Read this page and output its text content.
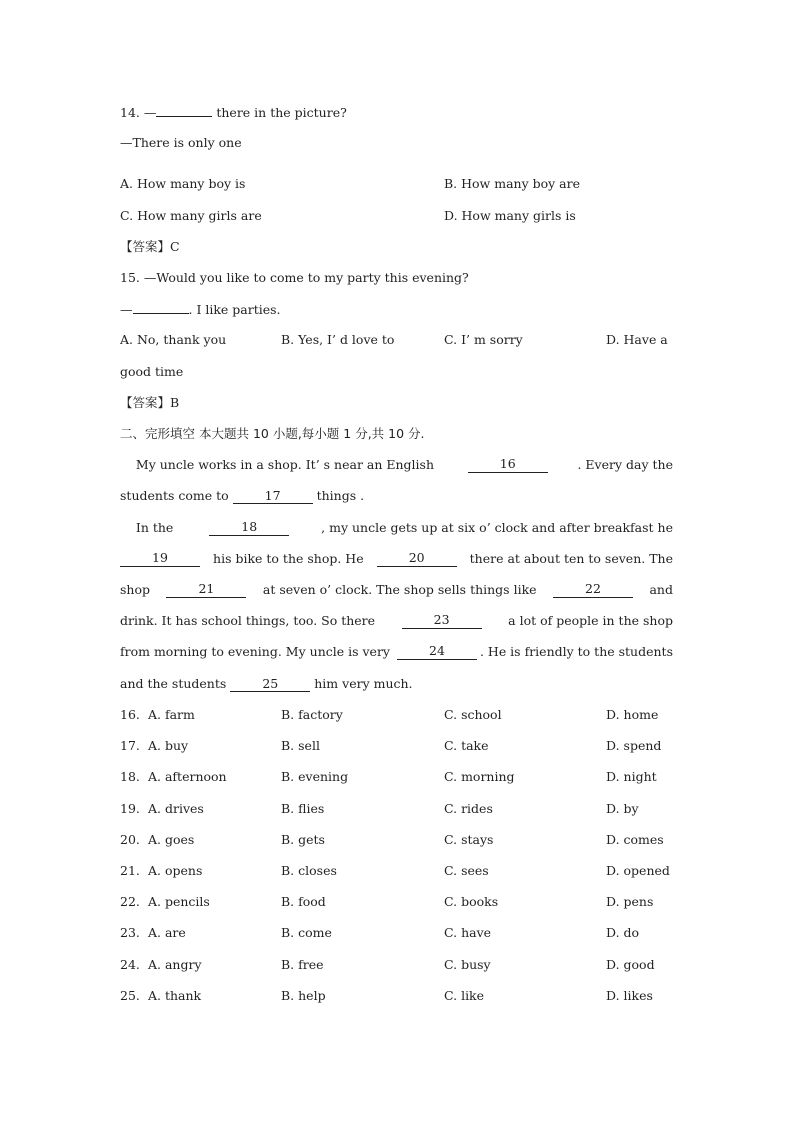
14. —	there in the picture?
—There is only one
A. How many boy is	B. How many boy are
C. How many girls are	D. How many girls is
【答案】C
15. —Would you like to come to my party this evening?
—	. I like parties.
A. No, thank you	B. Yes, I’ d love to	C. I’ m sorry	D. Have a
good time
【答案】B
二、完形填空 本大题共 10 小题,每小题 1 分,共 10 分.
My uncle works in a shop. It’ s near an English	16	. Every day the
students come to	17	things .
In the	18	, my uncle gets up at six o’ clock and after breakfast he
19	his bike to the shop. He	20	there at about ten to seven. The
shop	21	at seven o’ clock. The shop sells things like	22	and
drink. It has school things, too. So there	23	a lot of people in the shop
from morning to evening. My uncle is very	24	. He is friendly to the students
and the students	25	him very much.
16. A. farm	B. factory	C. school	D. home
17. A. buy	B. sell	C. take	D. spend
18. A. afternoon	B. evening	C. morning	D. night
19. A. drives	B. flies	C. rides	D. by
20. A. goes	B. gets	C. stays	D. comes
21. A. opens	B. closes	C. sees	D. opened
22. A. pencils	B. food	C. books	D. pens
23. A. are	B. come	C. have	D. do
24. A. angry	B. free	C. busy	D. good
25. A. thank	B. help	C. like	D. likes
